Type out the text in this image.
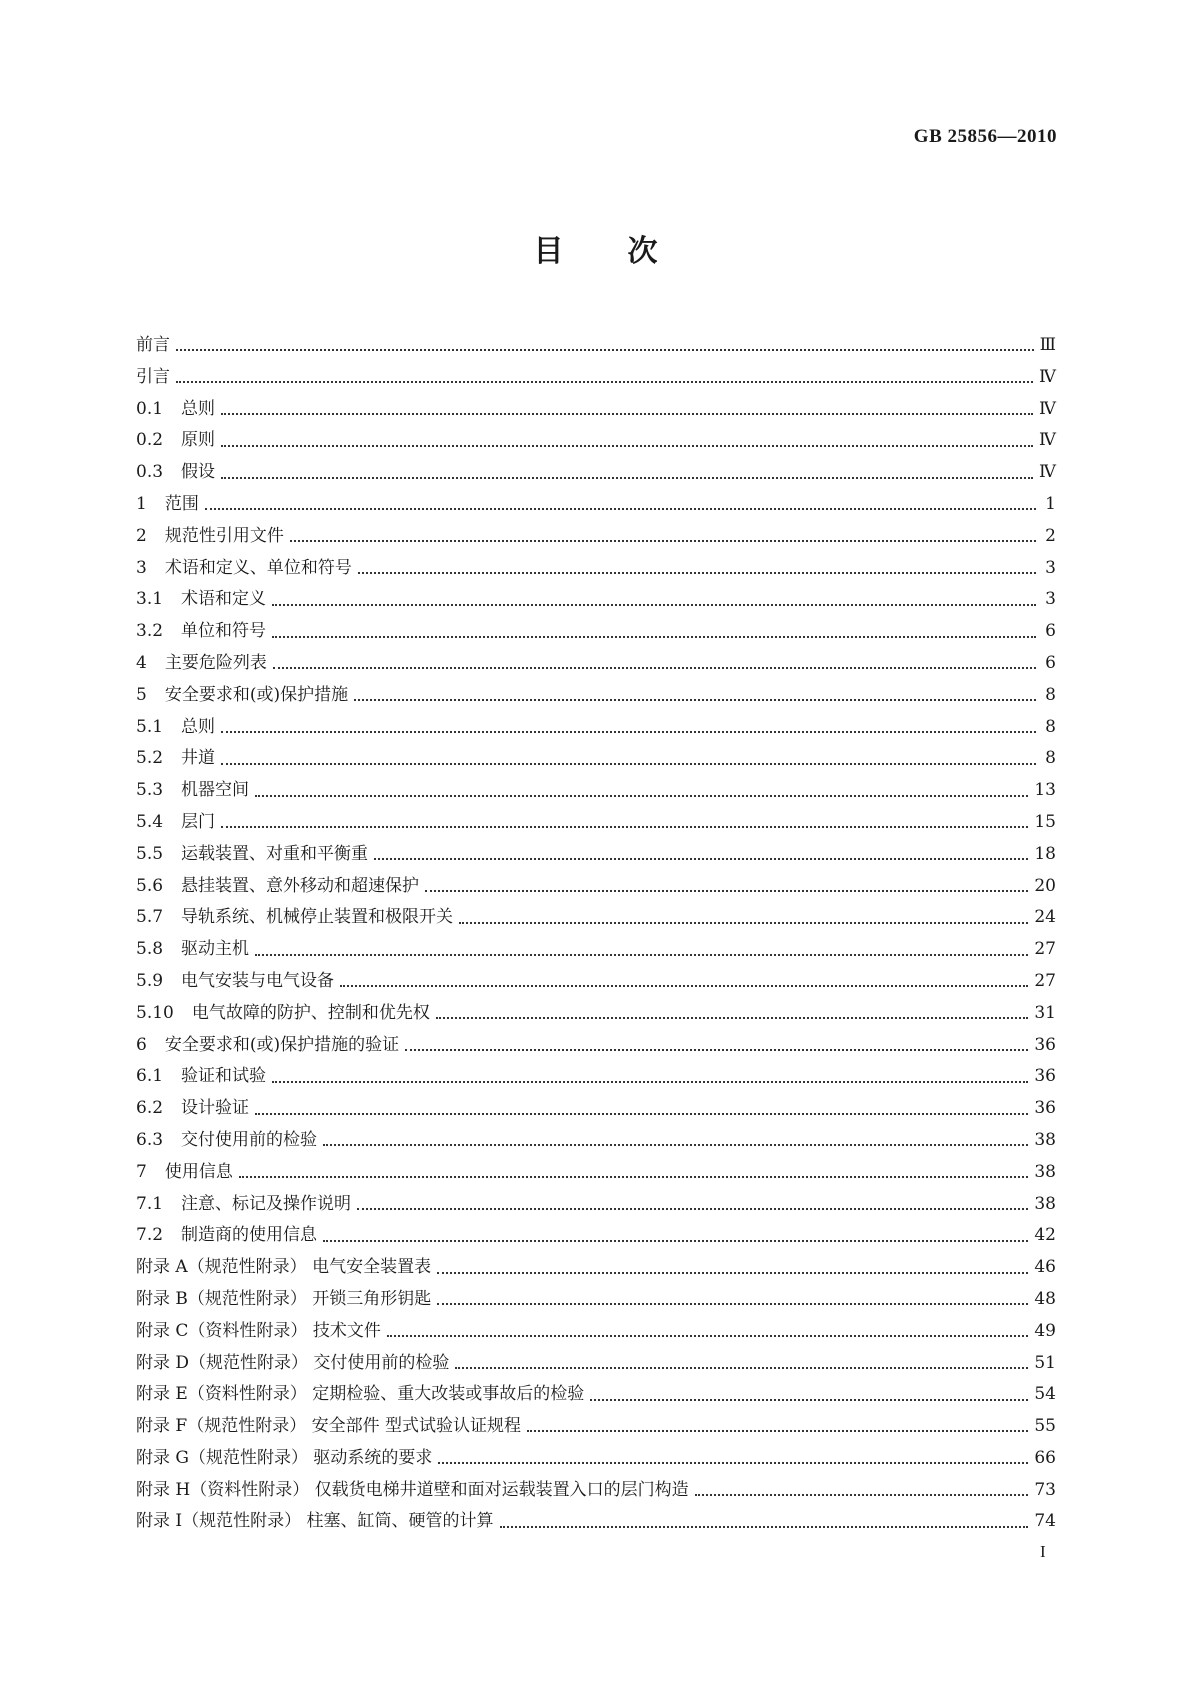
GB 25856—2010
目次
前言	Ⅲ
引言	Ⅳ
0.1 总则	Ⅳ
0.2 原则	Ⅳ
0.3 假设	Ⅳ
1 范围	1
2 规范性引用文件	2
3 术语和定义、单位和符号	3
3.1 术语和定义	3
3.2 单位和符号	6
4 主要危险列表	6
5 安全要求和(或)保护措施	8
5.1 总则	8
5.2 井道	8
5.3 机器空间	13
5.4 层门	15
5.5 运载装置、对重和平衡重	18
5.6 悬挂装置、意外移动和超速保护	20
5.7 导轨系统、机械停止装置和极限开关	24
5.8 驱动主机	27
5.9 电气安装与电气设备	27
5.10 电气故障的防护、控制和优先权	31
6 安全要求和(或)保护措施的验证	36
6.1 验证和试验	36
6.2 设计验证	36
6.3 交付使用前的检验	38
7 使用信息	38
7.1 注意、标记及操作说明	38
7.2 制造商的使用信息	42
附录 A（规范性附录） 电气安全装置表	46
附录 B（规范性附录） 开锁三角形钥匙	48
附录 C（资料性附录） 技术文件	49
附录 D（规范性附录） 交付使用前的检验	51
附录 E（资料性附录） 定期检验、重大改装或事故后的检验	54
附录 F（规范性附录） 安全部件 型式试验认证规程	55
附录 G（规范性附录） 驱动系统的要求	66
附录 H（资料性附录） 仅载货电梯井道壁和面对运载装置入口的层门构造	73
附录 I（规范性附录） 柱塞、缸筒、硬管的计算	74
I
